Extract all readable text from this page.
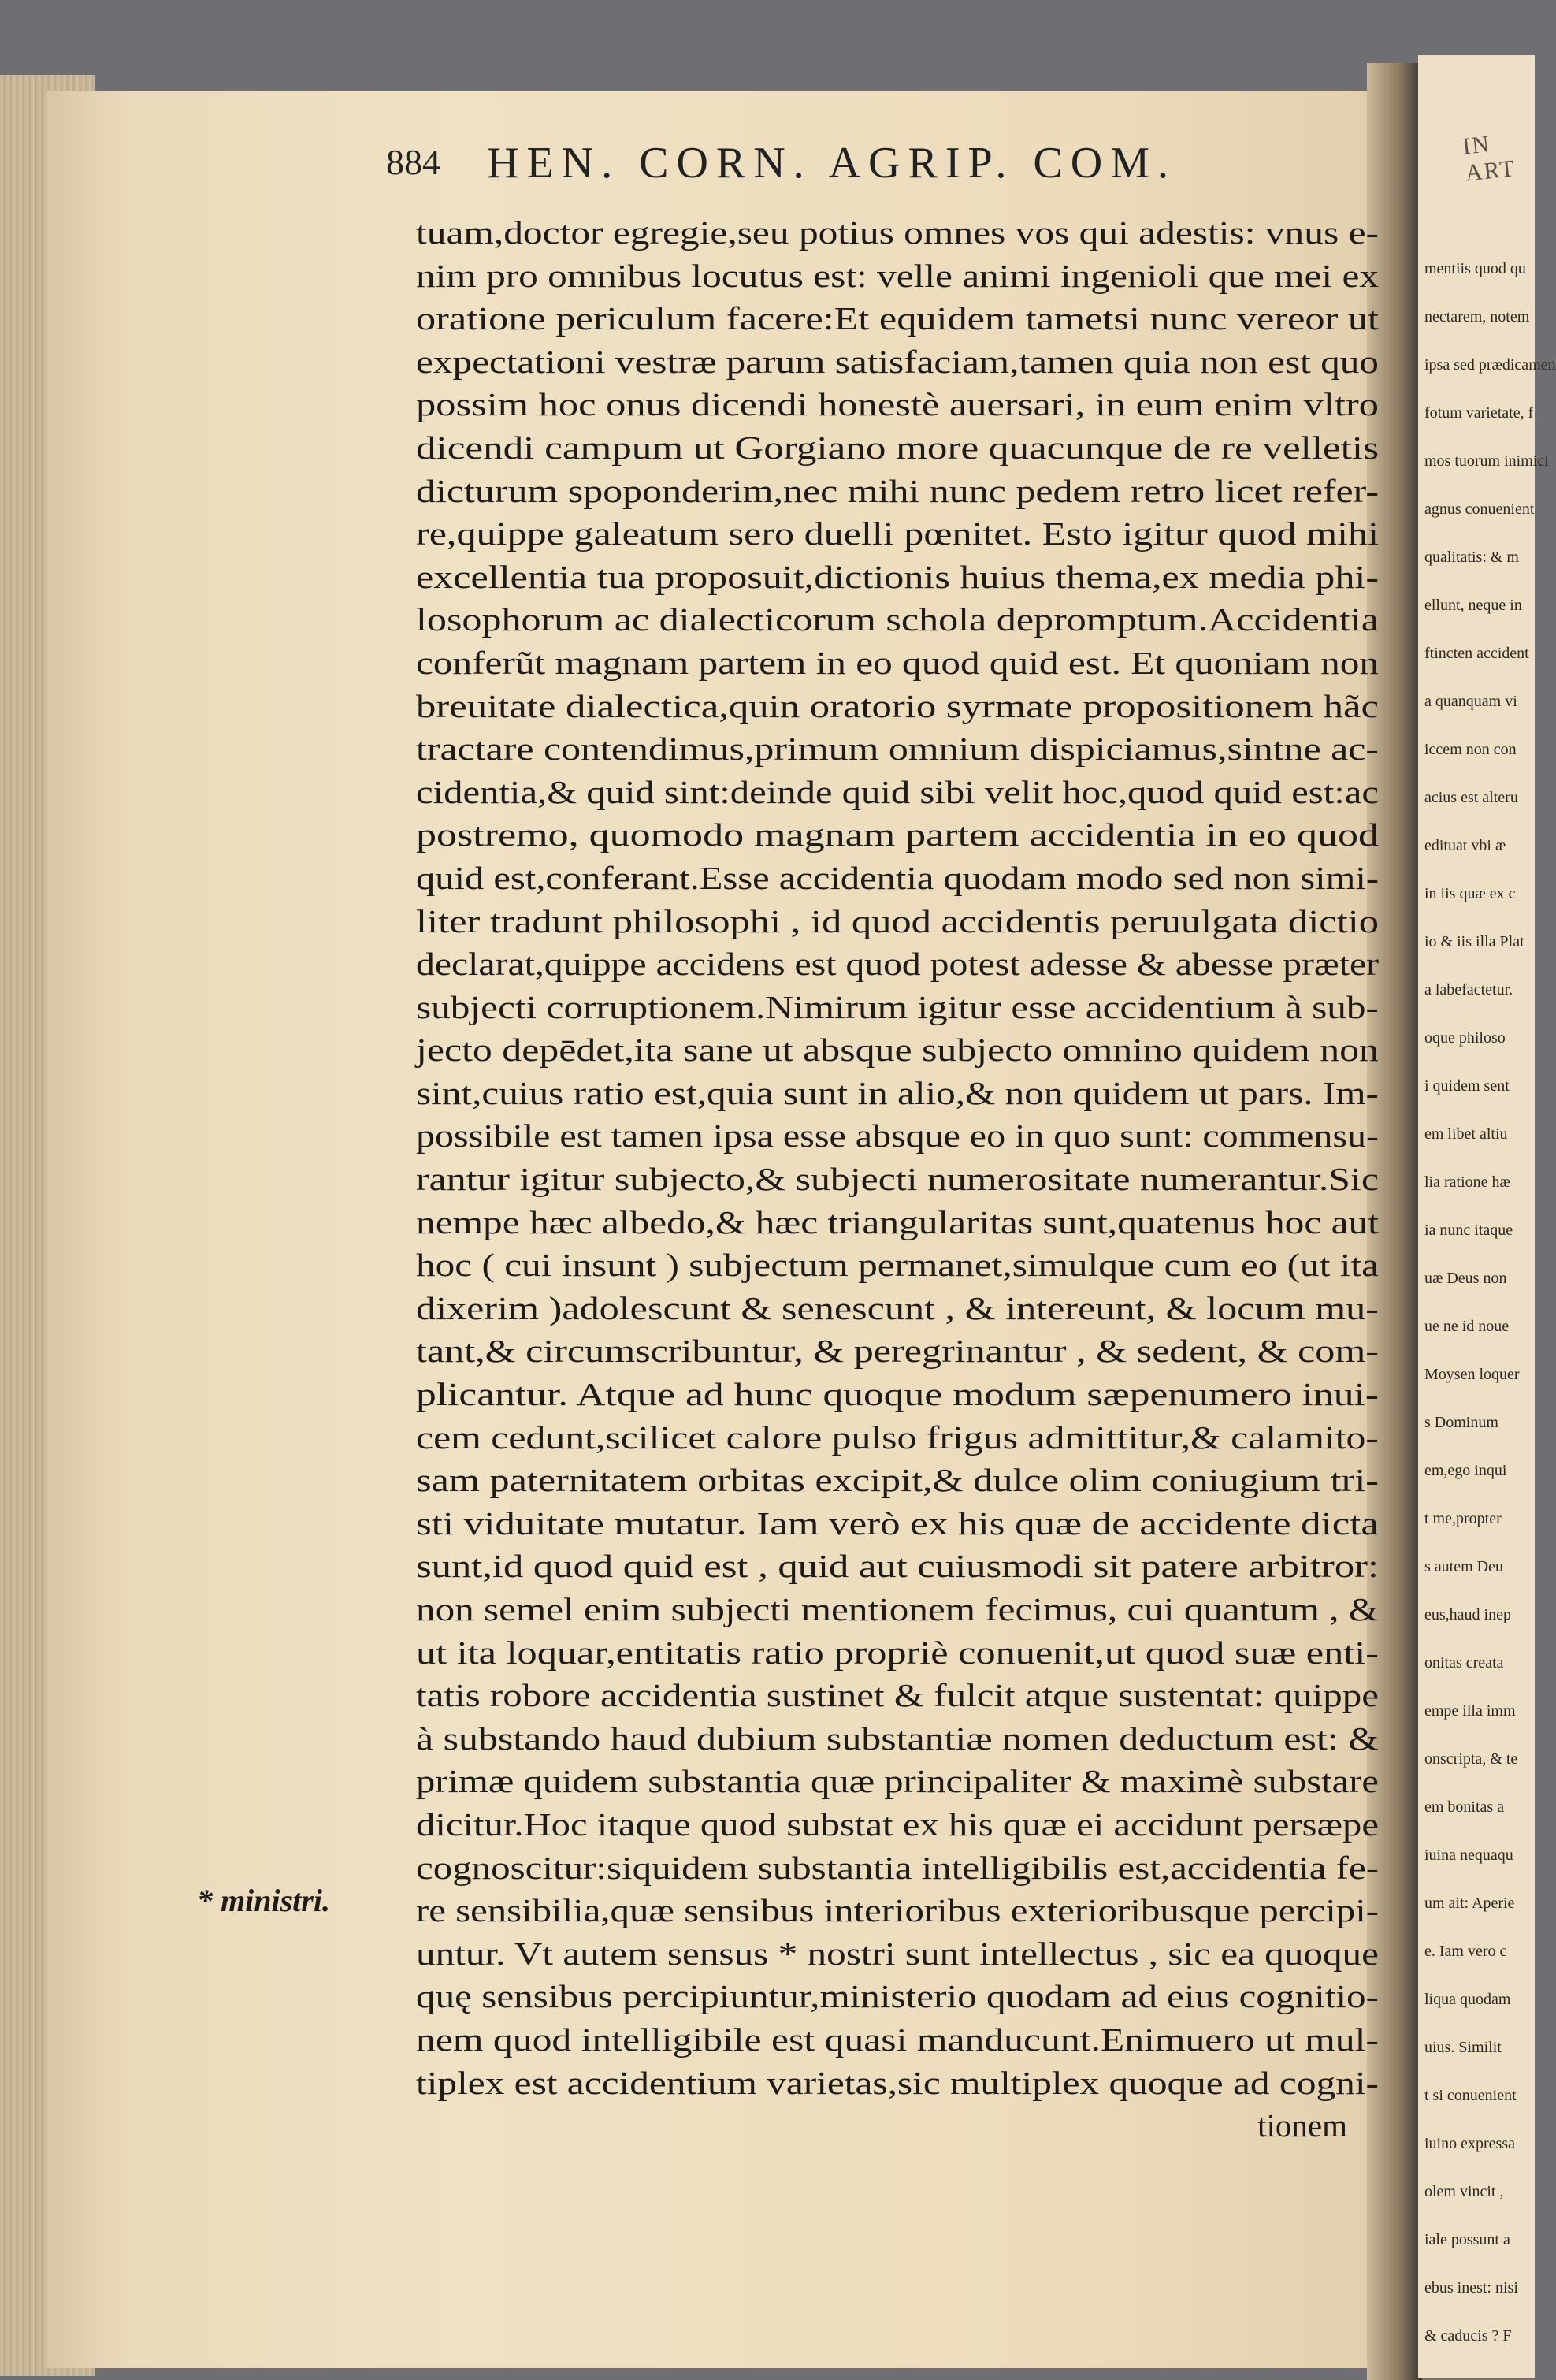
IN ART
mentiis quod qu
nectarem, notem
ipsa sed prædicamen
fotum varietate, f
mos tuorum inimici
agnus conuenient
qualitatis: & m
ellunt, neque in
ftincten accident
a quanquam vi
iccem non con
acius est alteru
edituat vbi æ
in iis quæ ex c
io & iis illa Plat
a labefactetur.
oque philoso
i quidem sent
em libet altiu
lia ratione hæ
ia nunc itaque
uæ Deus non
ue ne id noue
Moysen loquer
s Dominum
em,ego inqui
t me,propter
s autem Deu
eus,haud inep
onitas creata
empe illa imm
onscripta, & te
em bonitas a
iuina nequaqu
um ait: Aperie
e. Iam vero c
liqua quodam
uius. Similit
t si conuenient
iuino expressa
olem vincit ,
iale possunt a
ebus inest: nisi
& caducis ? F
884 HEN. CORN. AGRIP. COM.
* ministri.
tuam,doctor egregie,seu potius omnes vos qui adestis: vnus e-
nim pro omnibus locutus est: velle animi ingenioli que mei ex
oratione periculum facere:Et equidem tametsi nunc vereor ut
expectationi vestræ parum satisfaciam,tamen quia non est quo
possim hoc onus dicendi honestè auersari, in eum enim vltro
dicendi campum ut Gorgiano more quacunque de re velletis
dicturum spoponderim,nec mihi nunc pedem retro licet refer-
re,quippe galeatum sero duelli pœnitet. Esto igitur quod mihi
excellentia tua proposuit,dictionis huius thema,ex media phi-
losophorum ac dialecticorum schola depromptum.Accidentia
conferũt magnam partem in eo quod quid est. Et quoniam non
breuitate dialectica,quin oratorio syrmate propositionem hãc
tractare contendimus,primum omnium dispiciamus,sintne ac-
cidentia,& quid sint:deinde quid sibi velit hoc,quod quid est:ac
postremo, quomodo magnam partem accidentia in eo quod
quid est,conferant.Esse accidentia quodam modo sed non simi-
liter tradunt philosophi , id quod accidentis peruulgata dictio
declarat,quippe accidens est quod potest adesse & abesse præter
subjecti corruptionem.Nimirum igitur esse accidentium à sub-
jecto depēdet,ita sane ut absque subjecto omnino quidem non
sint,cuius ratio est,quia sunt in alio,& non quidem ut pars. Im-
possibile est tamen ipsa esse absque eo in quo sunt: commensu-
rantur igitur subjecto,& subjecti numerositate numerantur.Sic
nempe hæc albedo,& hæc triangularitas sunt,quatenus hoc aut
hoc ( cui insunt ) subjectum permanet,simulque cum eo (ut ita
dixerim )adolescunt & senescunt , & intereunt, & locum mu-
tant,& circumscribuntur, & peregrinantur , & sedent, & com-
plicantur. Atque ad hunc quoque modum sæpenumero inui-
cem cedunt,scilicet calore pulso frigus admittitur,& calamito-
sam paternitatem orbitas excipit,& dulce olim coniugium tri-
sti viduitate mutatur. Iam verò ex his quæ de accidente dicta
sunt,id quod quid est , quid aut cuiusmodi sit patere arbitror:
non semel enim subjecti mentionem fecimus, cui quantum , &
ut ita loquar,entitatis ratio propriè conuenit,ut quod suæ enti-
tatis robore accidentia sustinet & fulcit atque sustentat: quippe
à substando haud dubium substantiæ nomen deductum est: &
primæ quidem substantia quæ principaliter & maximè substare
dicitur.Hoc itaque quod substat ex his quæ ei accidunt persæpe
cognoscitur:siquidem substantia intelligibilis est,accidentia fe-
re sensibilia,quæ sensibus interioribus exterioribusque percipi-
untur. Vt autem sensus * nostri sunt intellectus , sic ea quoque
quę sensibus percipiuntur,ministerio quodam ad eius cognitio-
nem quod intelligibile est quasi manducunt.Enimuero ut mul-
tiplex est accidentium varietas,sic multiplex quoque ad cogni-
tionem
